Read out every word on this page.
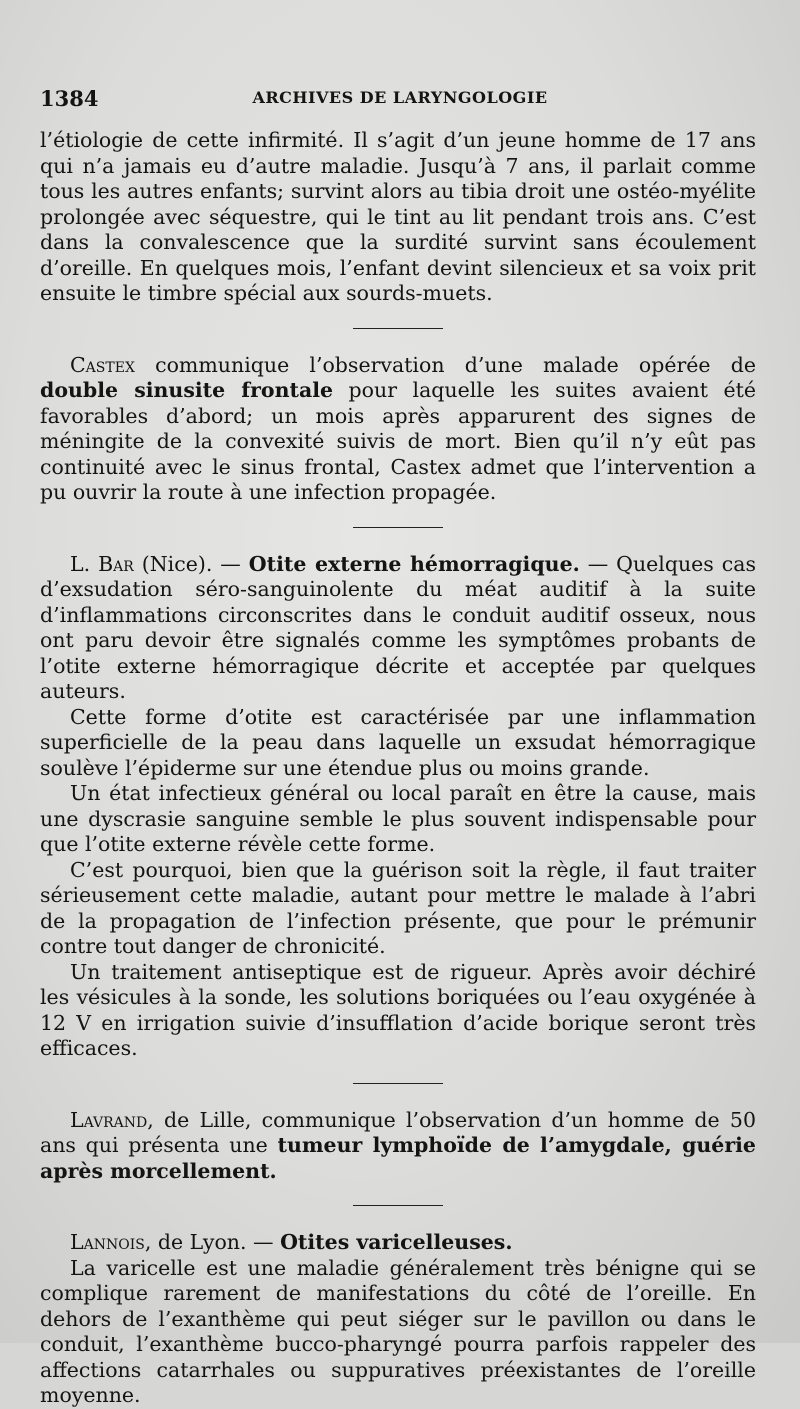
1384	ARCHIVES DE LARYNGOLOGIE

l’étiologie de cette infirmité. Il s’agit d’un jeune homme de 17 ans qui n’a jamais eu d’autre maladie. Jusqu’à 7 ans, il parlait comme tous les autres enfants; survint alors au tibia droit une ostéo-myélite prolongée avec séquestre, qui le tint au lit pendant trois ans. C’est dans la convalescence que la surdité survint sans écoulement d’oreille. En quelques mois, l’enfant devint silencieux et sa voix prit ensuite le timbre spécial aux sourds-muets.

Castex communique l’observation d’une malade opérée de double sinusite frontale pour laquelle les suites avaient été favorables d’abord; un mois après apparurent des signes de méningite de la convexité suivis de mort. Bien qu’il n’y eût pas continuité avec le sinus frontal, Castex admet que l’intervention a pu ouvrir la route à une infection propagée.

L. Bar (Nice). — Otite externe hémorragique. — Quelques cas d’exsudation séro-sanguinolente du méat auditif à la suite d’inflammations circonscrites dans le conduit auditif osseux, nous ont paru devoir être signalés comme les symptômes probants de l’otite externe hémorragique décrite et acceptée par quelques auteurs.

Cette forme d’otite est caractérisée par une inflammation superficielle de la peau dans laquelle un exsudat hémorragique soulève l’épiderme sur une étendue plus ou moins grande.

Un état infectieux général ou local paraît en être la cause, mais une dyscrasie sanguine semble le plus souvent indispensable pour que l’otite externe révèle cette forme.

C’est pourquoi, bien que la guérison soit la règle, il faut traiter sérieusement cette maladie, autant pour mettre le malade à l’abri de la propagation de l’infection présente, que pour le prémunir contre tout danger de chronicité.

Un traitement antiseptique est de rigueur. Après avoir déchiré les vésicules à la sonde, les solutions boriquées ou l’eau oxygénée à 12 V en irrigation suivie d’insufflation d’acide borique seront très efficaces.

Lavrand, de Lille, communique l’observation d’un homme de 50 ans qui présenta une tumeur lymphoïde de l’amygdale, guérie après morcellement.

Lannois, de Lyon. — Otites varicelleuses.

La varicelle est une maladie généralement très bénigne qui se complique rarement de manifestations du côté de l’oreille. En dehors de l’exanthème qui peut siéger sur le pavillon ou dans le conduit, l’exanthème bucco-pharyngé pourra parfois rappeler des affections catarrhales ou suppuratives préexistantes de l’oreille moyenne.
